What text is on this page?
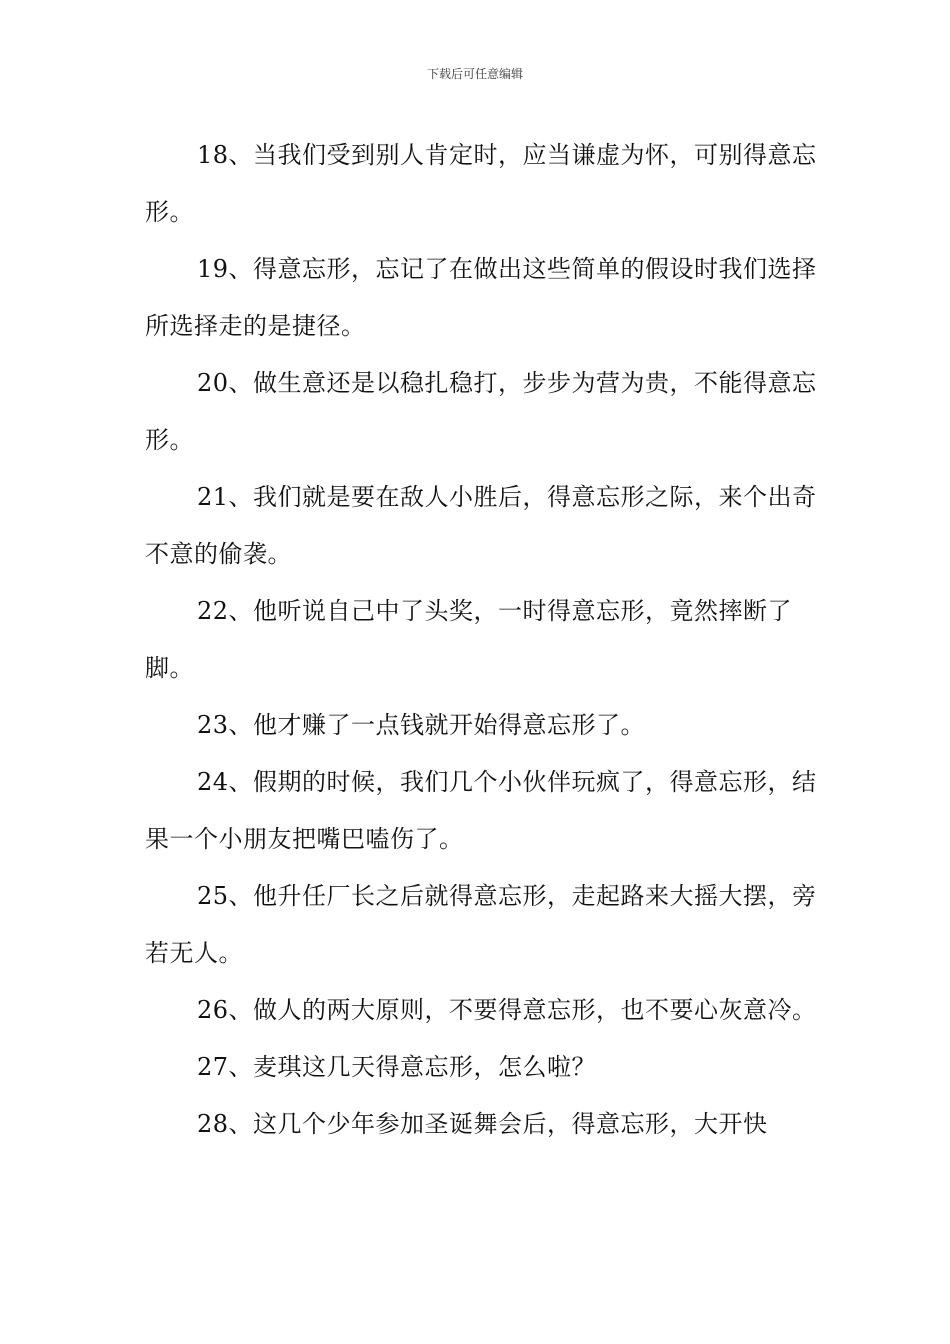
下载后可任意编辑
18、当我们受到别人肯定时，应当谦虚为怀，可别得意忘形。
19、得意忘形，忘记了在做出这些简单的假设时我们选择所选择走的是捷径。
20、做生意还是以稳扎稳打，步步为营为贵，不能得意忘形。
21、我们就是要在敌人小胜后，得意忘形之际，来个出奇不意的偷袭。
22、他听说自己中了头奖，一时得意忘形，竟然摔断了脚。
23、他才赚了一点钱就开始得意忘形了。
24、假期的时候，我们几个小伙伴玩疯了，得意忘形，结果一个小朋友把嘴巴嗑伤了。
25、他升任厂长之后就得意忘形，走起路来大摇大摆，旁若无人。
26、做人的两大原则，不要得意忘形，也不要心灰意冷。
27、麦琪这几天得意忘形，怎么啦？
28、这几个少年参加圣诞舞会后，得意忘形，大开快
